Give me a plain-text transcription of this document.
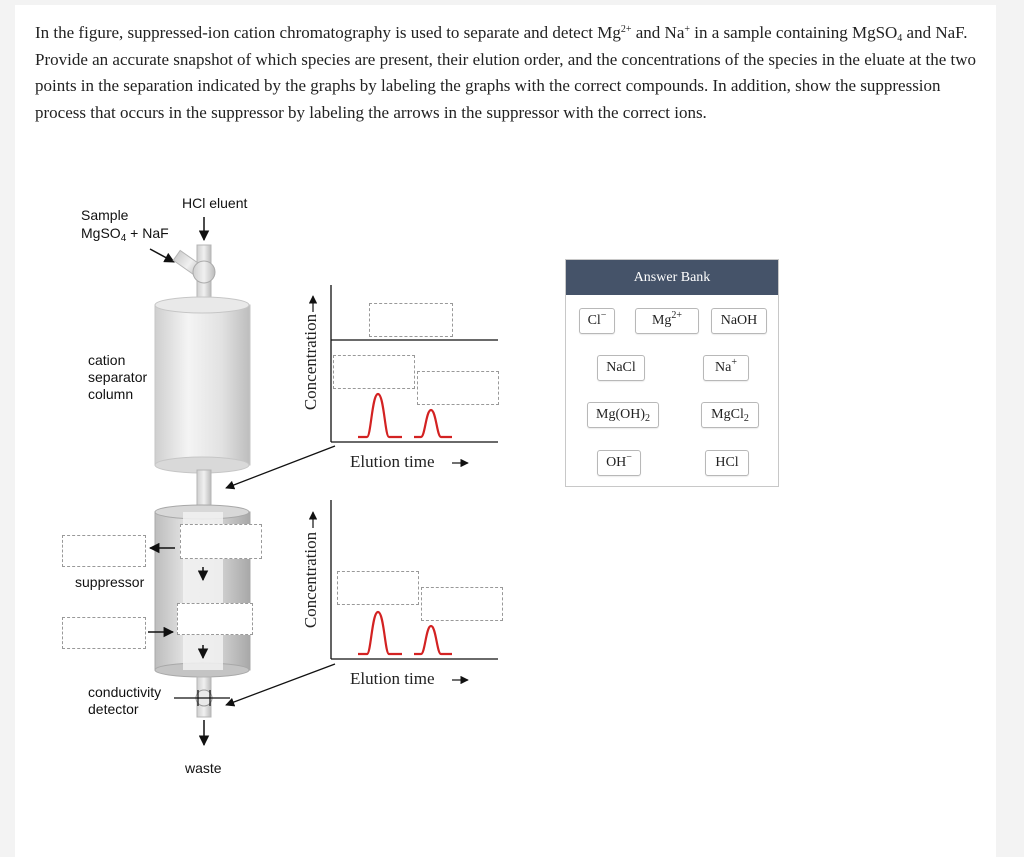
In the figure, suppressed-ion cation chromatography is used to separate and detect $Mg^{2+}$ and Na+ in a sample containing MgSO$_4$ and NaF. Provide an accurate snapshot of which species are present, their elution order, and the concentrations of the species in the eluate at the two points in the separation indicated by the graphs by labeling the graphs with the correct compounds. In addition, show the suppression process that occurs in the suppressor by labeling the arrows in the suppressor with the correct ions.
HCl eluent
Sample
MgSO$_4$ + NaF
cation
separator
column
suppressor
conductivity
detector
waste
Concentration
Concentration
Elution time
Elution time
Answer Bank
Cl−	$Mg^{2+}$	NaOH
NaCl	Na+
$Mg(OH)_2$	MgCl$_2$
OH−	HCl
